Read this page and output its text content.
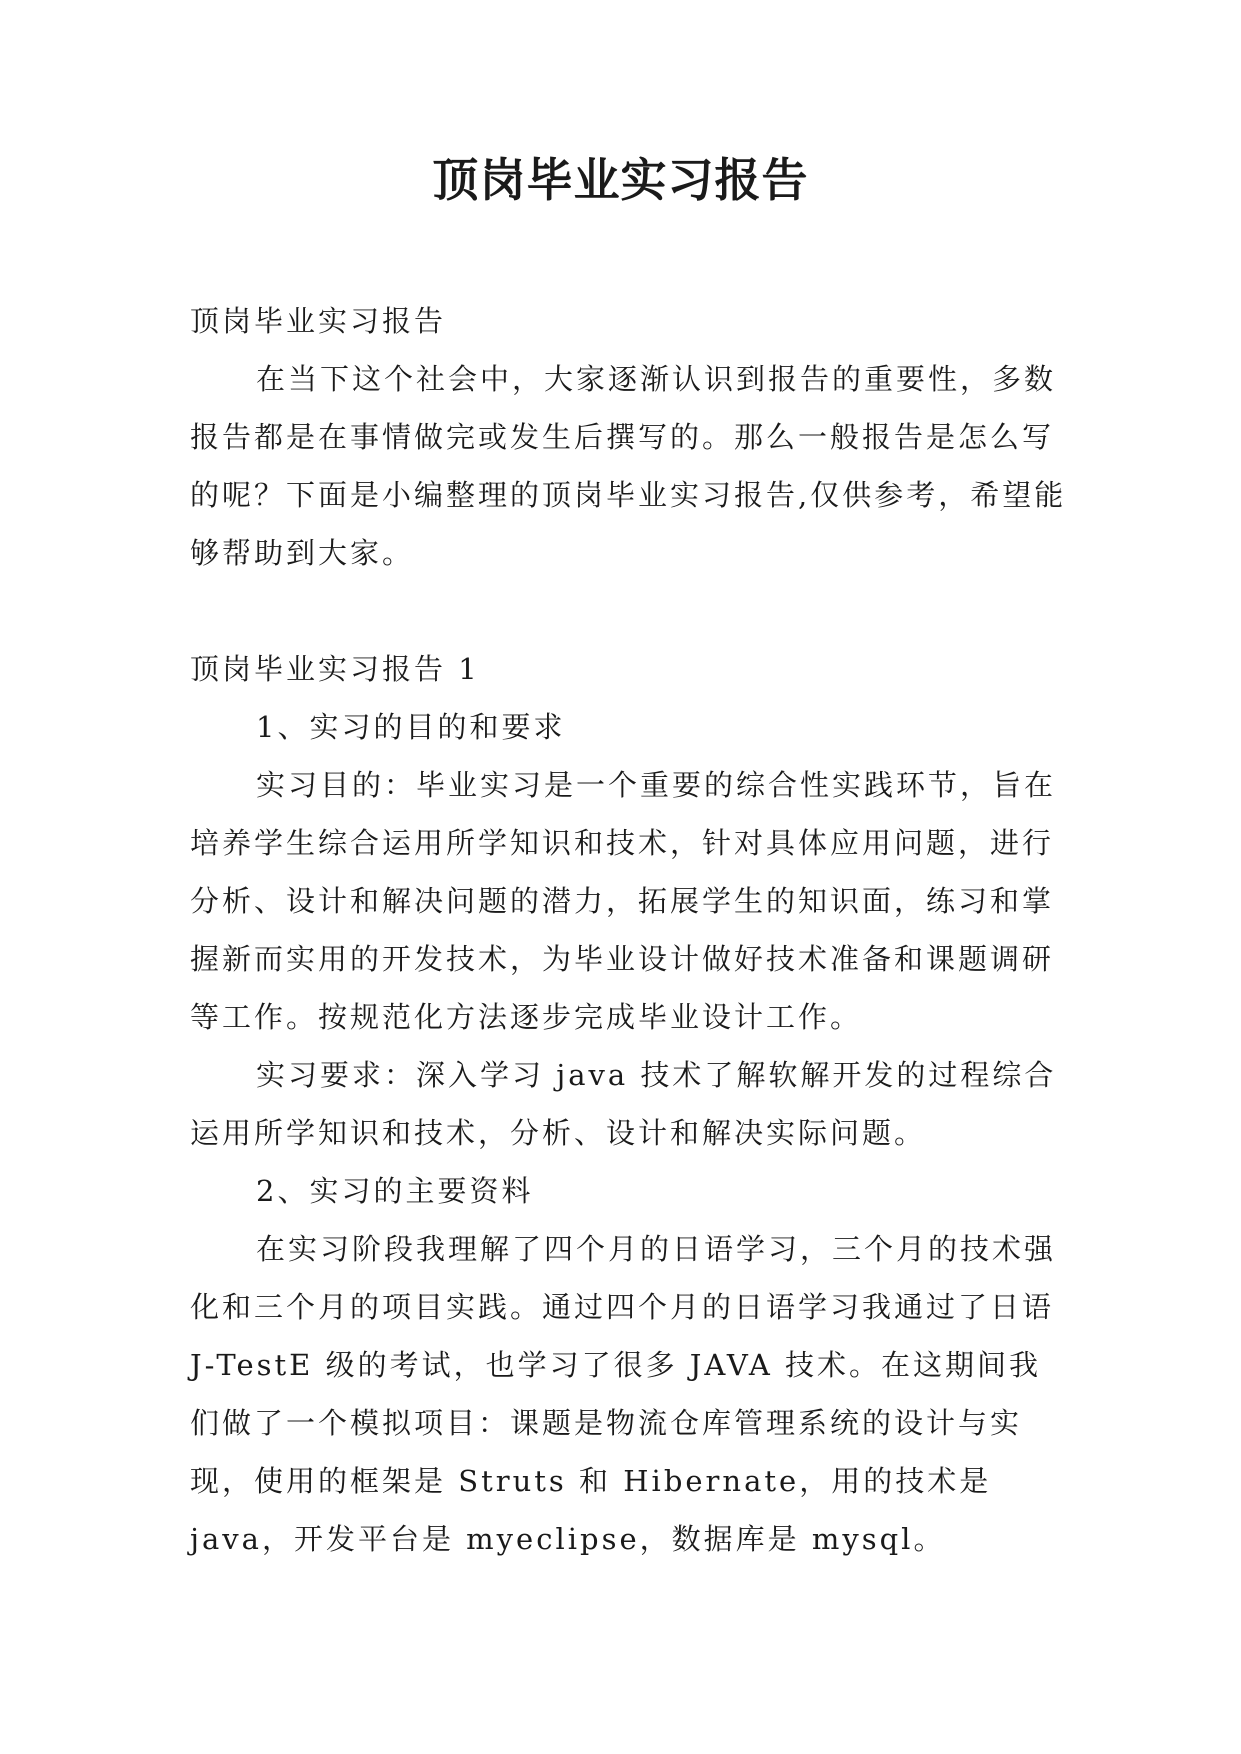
顶岗毕业实习报告

顶岗毕业实习报告

在当下这个社会中，大家逐渐认识到报告的重要性，多数报告都是在事情做完或发生后撰写的。那么一般报告是怎么写的呢？下面是小编整理的顶岗毕业实习报告,仅供参考，希望能够帮助到大家。

顶岗毕业实习报告 1

1、实习的目的和要求

实习目的：毕业实习是一个重要的综合性实践环节，旨在培养学生综合运用所学知识和技术，针对具体应用问题，进行分析、设计和解决问题的潜力，拓展学生的知识面，练习和掌握新而实用的开发技术，为毕业设计做好技术准备和课题调研等工作。按规范化方法逐步完成毕业设计工作。

实习要求：深入学习 java 技术了解软解开发的过程综合运用所学知识和技术，分析、设计和解决实际问题。

2、实习的主要资料

在实习阶段我理解了四个月的日语学习，三个月的技术强化和三个月的项目实践。通过四个月的日语学习我通过了日语 J-TestE 级的考试，也学习了很多 JAVA 技术。在这期间我们做了一个模拟项目：课题是物流仓库管理系统的设计与实现，使用的框架是 Struts 和 Hibernate，用的技术是 java，开发平台是 myeclipse，数据库是 mysql。
